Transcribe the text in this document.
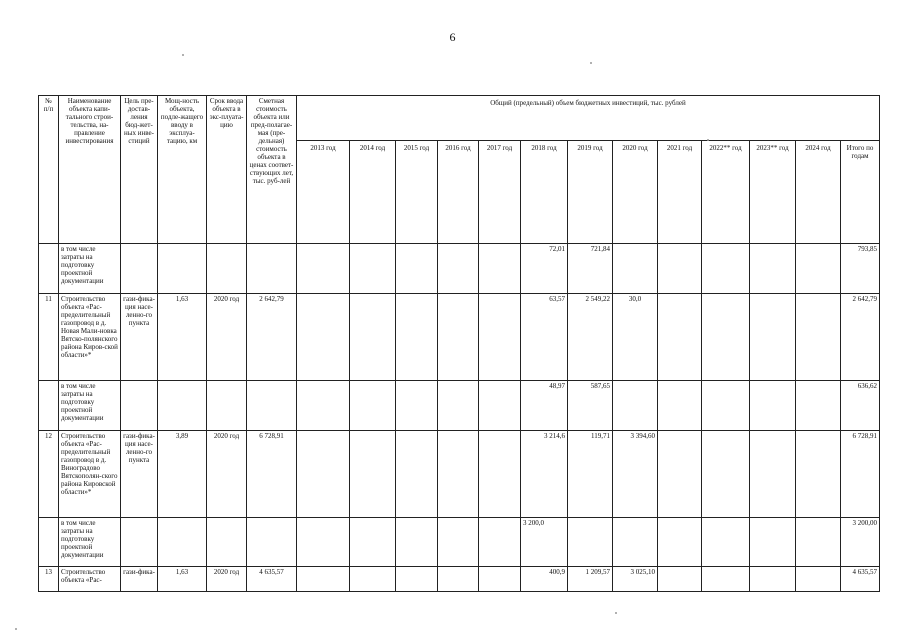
6
№
п/п	Наименование объекта капи-тального строи-тельства, на-правление инвестирования	Цель пре-достав-ления бюд-жет-ных инве-стиций	Мощ-ность объекта, подле-жащего вводу в эксплуа-тацию, км	Срок ввода объекта в экс-плуата-цию	Сметная стоимость объекта или пред-полагае-мая (пре-дельная) стоимость объекта в ценах соответ-ствующих лет, тыс. руб-лей	Общий (предельный) объем бюджетных инвестиций, тыс. рублей												
						2013 год	2014 год	2015 год	2016 год	2017 год	2018 год	2019 год	2020 год	2021 год	2022** год	2023** год	2024 год	Итого по годам
	в том числе затраты на подготовку проектной документации										72,01	721,84						793,85
11	Строительство объекта «Рас-пределительный газопровод в д. Новая Мали-новка Вятско-полянского района Киров-ской области»*	гази-фика-ция насе-ленно-го пункта	1,63	2020 год	2 642,79						63,57	2 549,22	30,0					2 642,79
	в том числе затраты на подготовку проектной документации										48,97	587,65						636,62
12	Строительство объекта «Рас-пределительный газопровод в д. Виноградово Вятскополян-ского района Кировской области»*	гази-фика-ция насе-ленно-го пункта	3,89	2020 год	6 728,91						3 214,6	119,71	3 394,60					6 728,91
	в том числе затраты на подготовку проектной документации										3 200,0							3 200,00
13	Строительство объекта «Рас-	гази-фика-	1,63	2020 год	4 635,57						400,9	1 209,57	3 025,10					4 635,57
